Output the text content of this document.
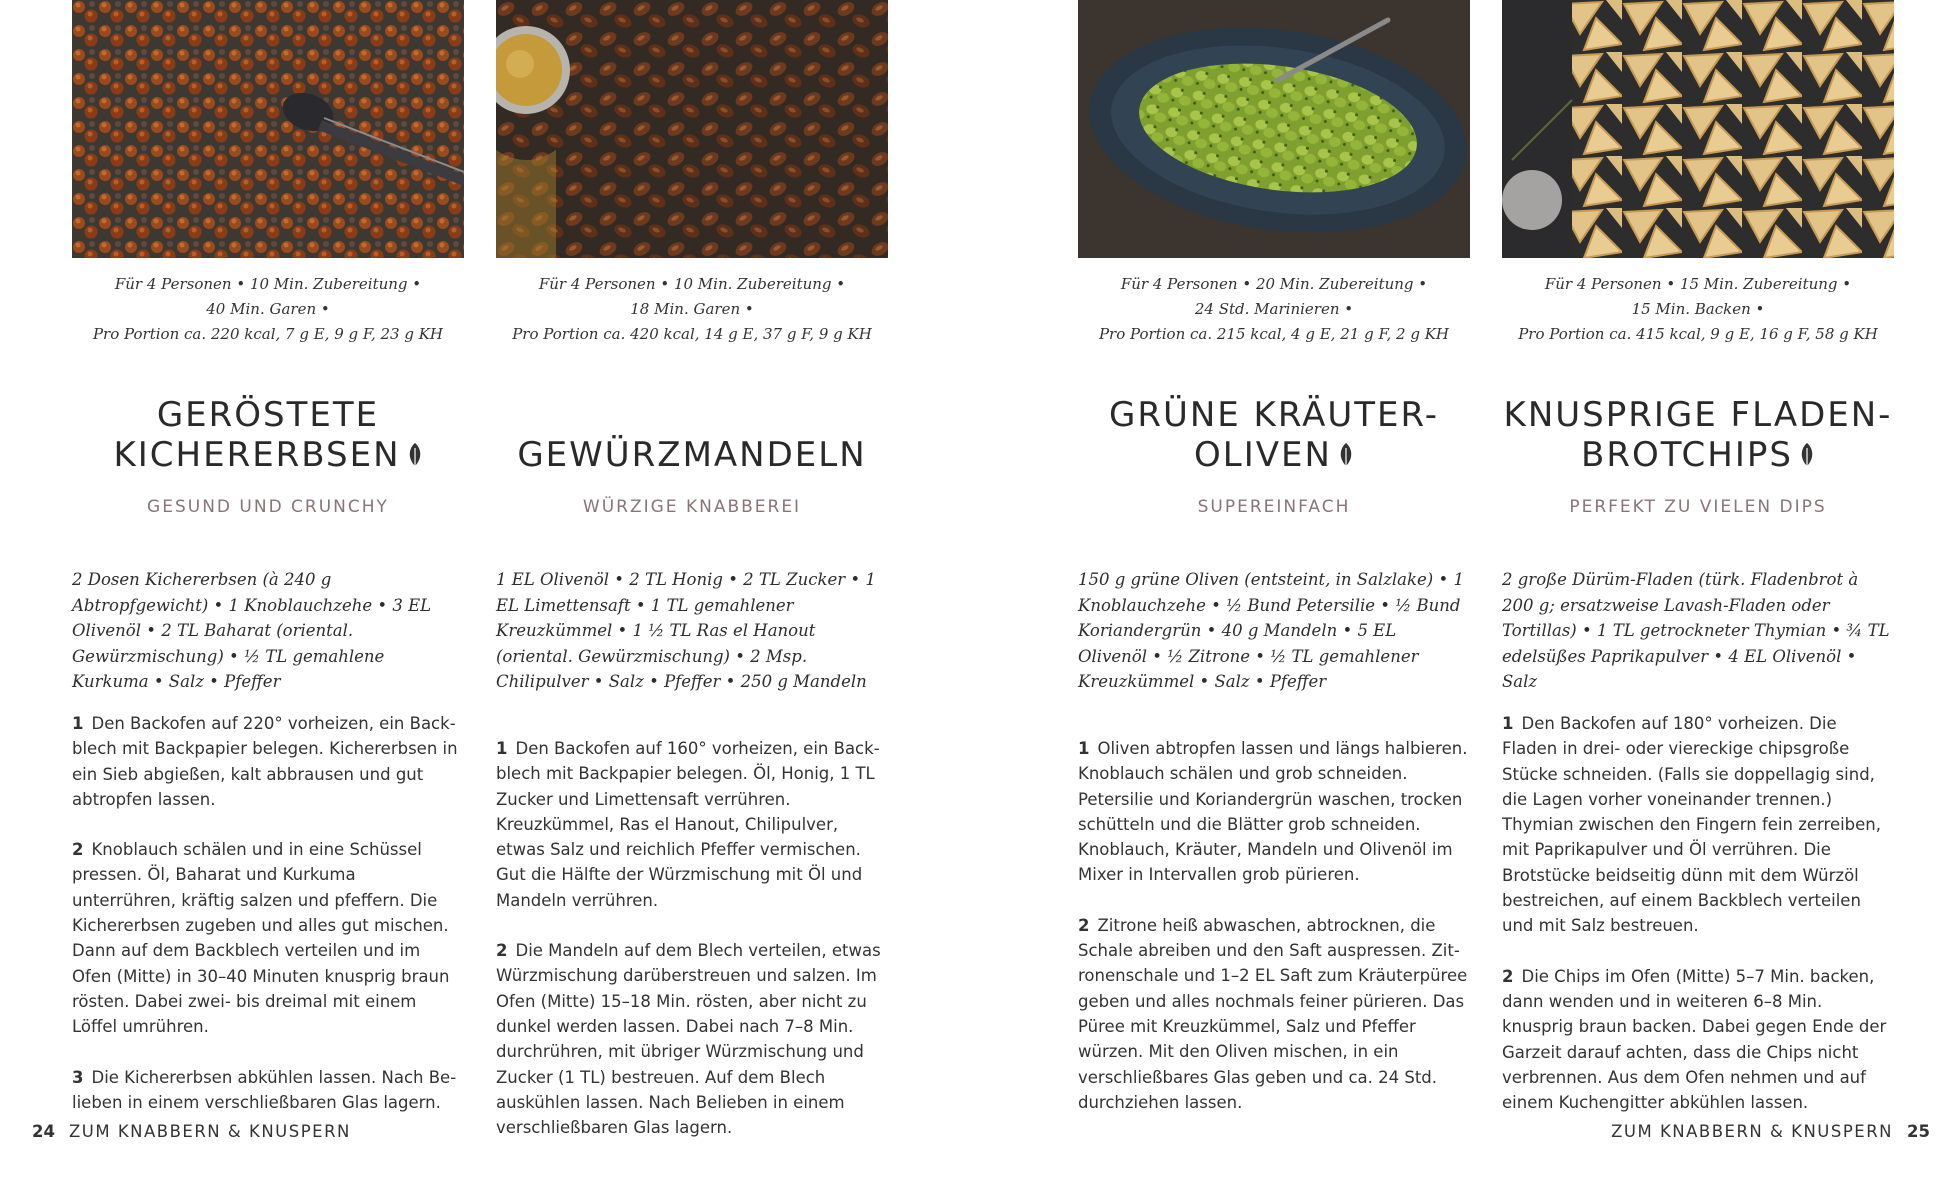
Für 4 Personen • 10 Min. Zubereitung •
40 Min. Garen •
Pro Portion ca. 220 kcal, 7 g E, 9 g F, 23 g KH
GERÖSTETE
KICHERERBSEN
GESUND UND CRUNCHY
2 Dosen Kichererbsen (à 240 g Abtropfgewicht) • 1 Knoblauchzehe • 3 EL Olivenöl • 2 TL Baharat (oriental. Gewürzmischung) • ½ TL gemahlene Kurkuma • Salz • Pfeffer
1 Den Backofen auf 220° vorheizen, ein Backblech mit Backpapier belegen. Kichererbsen in ein Sieb abgießen, kalt abbrausen und gut abtropfen lassen.
2 Knoblauch schälen und in eine Schüssel pressen. Öl, Baharat und Kurkuma unterrühren, kräftig salzen und pfeffern. Die Kichererbsen zugeben und alles gut mischen. Dann auf dem Backblech verteilen und im Ofen (Mitte) in 30–40 Minuten knusprig braun rösten. Dabei zwei- bis dreimal mit einem Löffel umrühren.
3 Die Kichererbsen abkühlen lassen. Nach Belieben in einem verschließbaren Glas lagern.
Für 4 Personen • 10 Min. Zubereitung •
18 Min. Garen •
Pro Portion ca. 420 kcal, 14 g E, 37 g F, 9 g KH
GEWÜRZMANDELN
WÜRZIGE KNABBEREI
1 EL Olivenöl • 2 TL Honig • 2 TL Zucker • 1 EL Limettensaft • 1 TL gemahlener Kreuzkümmel • 1 ½ TL Ras el Hanout (oriental. Gewürzmischung) • 2 Msp. Chilipulver • Salz • Pfeffer • 250 g Mandeln
1 Den Backofen auf 160° vorheizen, ein Backblech mit Backpapier belegen. Öl, Honig, 1 TL Zucker und Limettensaft verrühren. Kreuzkümmel, Ras el Hanout, Chilipulver, etwas Salz und reichlich Pfeffer vermischen. Gut die Hälfte der Würzmischung mit Öl und Mandeln verrühren.
2 Die Mandeln auf dem Blech verteilen, etwas Würzmischung darüberstreuen und salzen. Im Ofen (Mitte) 15–18 Min. rösten, aber nicht zu dunkel werden lassen. Dabei nach 7–8 Min. durchrühren, mit übriger Würzmischung und Zucker (1 TL) bestreuen. Auf dem Blech auskühlen lassen. Nach Belieben in einem verschließbaren Glas lagern.
Für 4 Personen • 20 Min. Zubereitung •
24 Std. Marinieren •
Pro Portion ca. 215 kcal, 4 g E, 21 g F, 2 g KH
GRÜNE KRÄUTER-
OLIVEN
SUPEREINFACH
150 g grüne Oliven (entsteint, in Salzlake) • 1 Knoblauchzehe • ½ Bund Petersilie • ½ Bund Koriandergrün • 40 g Mandeln • 5 EL Olivenöl • ½ Zitrone • ½ TL gemahlener Kreuzkümmel • Salz • Pfeffer
1 Oliven abtropfen lassen und längs halbieren. Knoblauch schälen und grob schneiden. Petersilie und Koriandergrün waschen, trocken schütteln und die Blätter grob schneiden. Knoblauch, Kräuter, Mandeln und Olivenöl im Mixer in Intervallen grob pürieren.
2 Zitrone heiß abwaschen, abtrocknen, die Schale abreiben und den Saft auspressen. Zitronenschale und 1–2 EL Saft zum Kräuterpüree geben und alles nochmals feiner pürieren. Das Püree mit Kreuzkümmel, Salz und Pfeffer würzen. Mit den Oliven mischen, in ein verschließbares Glas geben und ca. 24 Std. durchziehen lassen.
Für 4 Personen • 15 Min. Zubereitung •
15 Min. Backen •
Pro Portion ca. 415 kcal, 9 g E, 16 g F, 58 g KH
KNUSPRIGE FLADEN-
BROTCHIPS
PERFEKT ZU VIELEN DIPS
2 große Dürüm-Fladen (türk. Fladenbrot à 200 g; ersatzweise Lavash-Fladen oder Tortillas) • 1 TL getrockneter Thymian • ¾ TL edelsüßes Paprikapulver • 4 EL Olivenöl • Salz
1 Den Backofen auf 180° vorheizen. Die Fladen in drei- oder viereckige chipsgroße Stücke schneiden. (Falls sie doppellagig sind, die Lagen vorher voneinander trennen.) Thymian zwischen den Fingern fein zerreiben, mit Paprikapulver und Öl verrühren. Die Brotstücke beidseitig dünn mit dem Würzöl bestreichen, auf einem Backblech verteilen und mit Salz bestreuen.
2 Die Chips im Ofen (Mitte) 5–7 Min. backen, dann wenden und in weiteren 6–8 Min. knusprig braun backen. Dabei gegen Ende der Garzeit darauf achten, dass die Chips nicht verbrennen. Aus dem Ofen nehmen und auf einem Kuchengitter abkühlen lassen.
24 ZUM KNABBERN & KNUSPERN	ZUM KNABBERN & KNUSPERN 25
